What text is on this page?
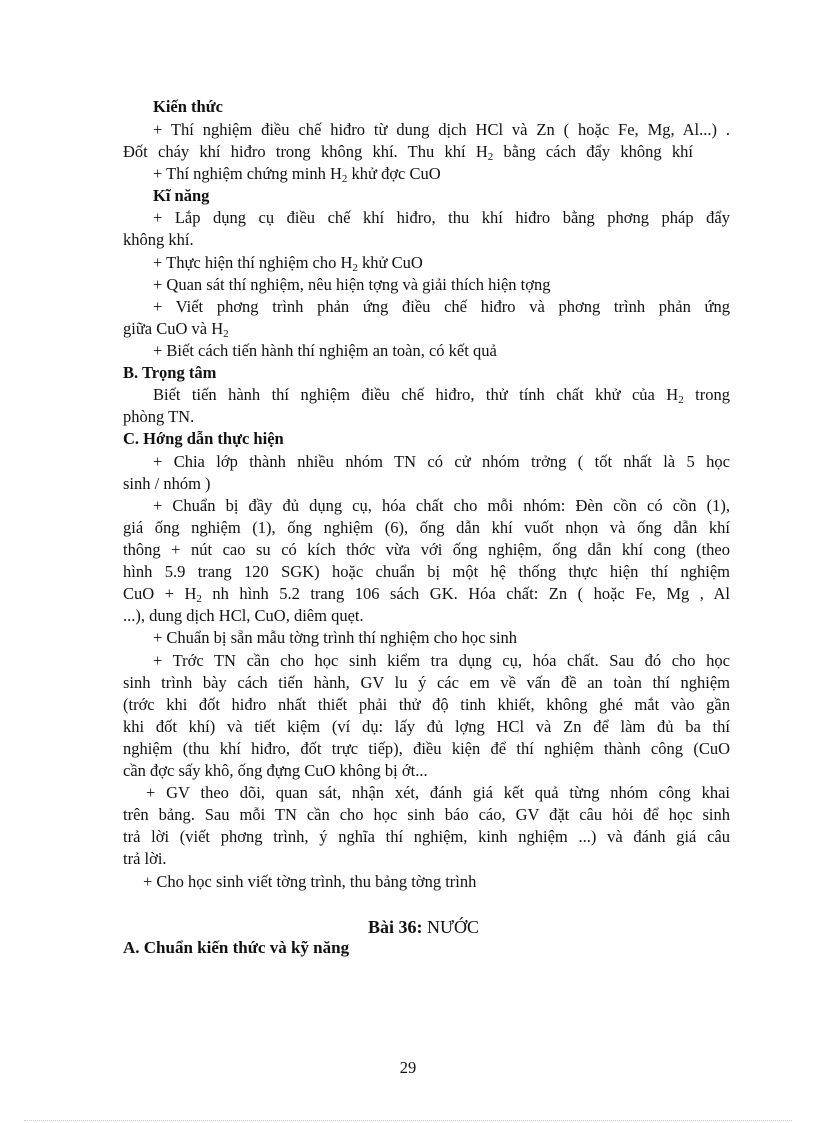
Kiến thức
+ Thí nghiệm điều chế hiđro từ dung dịch HCl và Zn ( hoặc Fe, Mg, Al...) .
Đốt cháy khí hiđro trong không khí. Thu khí $H_2$ bằng cách đẩy không khí
+ Thí nghiệm chứng minh $H_2$ khử đợc CuO
Kĩ năng
+ Lắp dụng cụ điều chế khí hiđro, thu khí hiđro bằng phơng pháp đẩy
không khí.
+ Thực hiện thí nghiệm cho $H_2$ khử CuO
+ Quan sát thí nghiệm, nêu hiện tợng và giải thích hiện tợng
+ Viết phơng trình phản ứng điều chế hiđro và phơng trình phản ứng
giữa CuO và $H_2$
+ Biết cách tiến hành thí nghiệm an toàn, có kết quả
B. Trọng tâm
Biết tiến hành thí nghiệm điều chế hiđro, thử tính chất khử của $H_2$ trong
phòng TN.
C. Hớng dẫn thực hiện
+ Chia lớp thành nhiều nhóm TN có cử nhóm trởng ( tốt nhất là 5 học
sinh / nhóm )
+ Chuẩn bị đầy đủ dụng cụ, hóa chất cho mỗi nhóm: Đèn cồn có cồn (1),
giá ống nghiệm (1), ống nghiệm (6), ống dẫn khí vuốt nhọn và ống dẫn khí
thông + nút cao su có kích thớc vừa với ống nghiệm, ống dẫn khí cong (theo
hình 5.9 trang 120 SGK) hoặc chuẩn bị một hệ thống thực hiện thí nghiệm
CuO + $H_2$ nh hình 5.2 trang 106 sách GK. Hóa chất: Zn ( hoặc Fe, Mg , Al
...), dung dịch HCl, CuO, diêm quẹt.
+ Chuẩn bị sẵn mẫu tờng trình thí nghiệm cho học sinh
+ Trớc TN cần cho học sinh kiểm tra dụng cụ, hóa chất. Sau đó cho học
sinh trình bày cách tiến hành, GV lu ý các em về vấn đề an toàn thí nghiệm
(trớc khi đốt hiđro nhất thiết phải thử độ tinh khiết, không ghé mắt vào gần
khi đốt khí) và tiết kiệm (ví dụ: lấy đủ lợng HCl và Zn để làm đủ ba thí
nghiệm (thu khí hiđro, đốt trực tiếp), điều kiện để thí nghiệm thành công (CuO
cần đợc sấy khô, ống đựng CuO không bị ớt...
+ GV theo dõi, quan sát, nhận xét, đánh giá kết quả từng nhóm công khai
trên bảng. Sau mỗi TN cần cho học sinh báo cáo, GV đặt câu hỏi để học sinh
trả lời (viết phơng trình, ý nghĩa thí nghiệm, kinh nghiệm ...) và đánh giá câu
trả lời.
+ Cho học sinh viết tờng trình, thu bảng tờng trình
Bài 36: NƯỚC
A. Chuẩn kiến thức và kỹ năng
29
